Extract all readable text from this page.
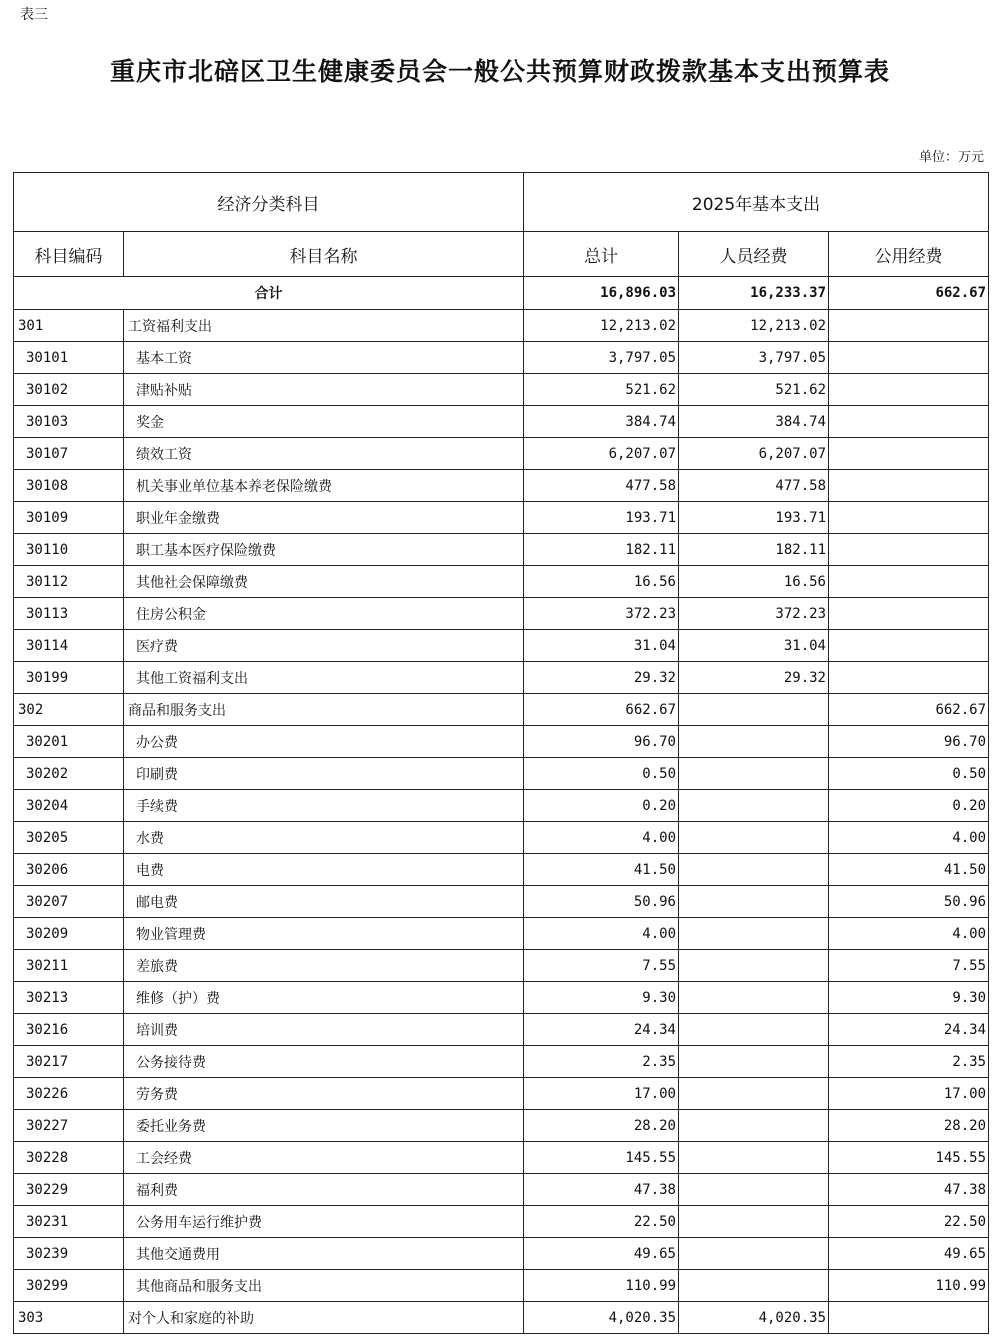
表三
重庆市北碚区卫生健康委员会一般公共预算财政拨款基本支出预算表
单位：万元
经济分类科目		2025年基本支出		
科目编码	科目名称	总计	人员经费	公用经费
合计		16,896.03	16,233.37	662.67
301	工资福利支出	12,213.02	12,213.02	
30101	基本工资	3,797.05	3,797.05	
30102	津贴补贴	521.62	521.62	
30103	奖金	384.74	384.74	
30107	绩效工资	6,207.07	6,207.07	
30108	机关事业单位基本养老保险缴费	477.58	477.58	
30109	职业年金缴费	193.71	193.71	
30110	职工基本医疗保险缴费	182.11	182.11	
30112	其他社会保障缴费	16.56	16.56	
30113	住房公积金	372.23	372.23	
30114	医疗费	31.04	31.04	
30199	其他工资福利支出	29.32	29.32	
302	商品和服务支出	662.67		662.67
30201	办公费	96.70		96.70
30202	印刷费	0.50		0.50
30204	手续费	0.20		0.20
30205	水费	4.00		4.00
30206	电费	41.50		41.50
30207	邮电费	50.96		50.96
30209	物业管理费	4.00		4.00
30211	差旅费	7.55		7.55
30213	维修（护）费	9.30		9.30
30216	培训费	24.34		24.34
30217	公务接待费	2.35		2.35
30226	劳务费	17.00		17.00
30227	委托业务费	28.20		28.20
30228	工会经费	145.55		145.55
30229	福利费	47.38		47.38
30231	公务用车运行维护费	22.50		22.50
30239	其他交通费用	49.65		49.65
30299	其他商品和服务支出	110.99		110.99
303	对个人和家庭的补助	4,020.35	4,020.35	
